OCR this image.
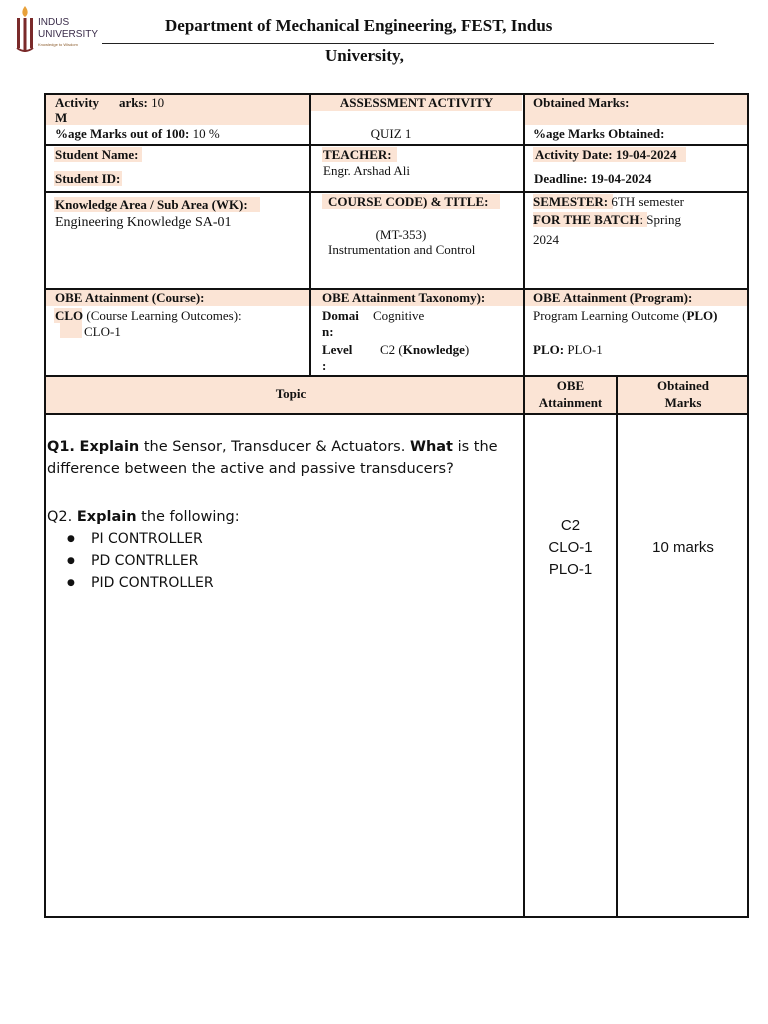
INDUS
UNIVERSITY
Knowledge to Wisdom
Department of Mechanical Engineering, FEST, Indus
University,
Activity
M
arks: 10
%age Marks out of 100: 10 %
ASSESSMENT ACTIVITY
QUIZ 1
Obtained Marks:
%age Marks Obtained:
Student Name:
Student ID:
TEACHER:
Engr. Arshad Ali
Activity Date: 19-04-2024
Deadline: 19-04-2024
Knowledge Area / Sub Area (WK):
Engineering Knowledge SA-01
COURSE CODE) & TITLE:
(MT-353)
Instrumentation and Control
SEMESTER: 6TH semester
FOR THE BATCH: Spring
2024
OBE Attainment (Course):
CLO (Course Learning Outcomes):
CLO-1
OBE Attainment Taxonomy):
Domai
n:
Cognitive
Level
:
C2 (Knowledge)
OBE Attainment (Program):
Program Learning Outcome (PLO)
PLO: PLO-1
Topic
OBE
Attainment
Obtained
Marks
Q1. Explain the Sensor, Transducer & Actuators. What is the
difference between the active and passive transducers?
Q2. Explain the following:
● PI CONTROLLER
● PD CONTRLLER
● PID CONTROLLER
C2
CLO-1
PLO-1
10 marks
